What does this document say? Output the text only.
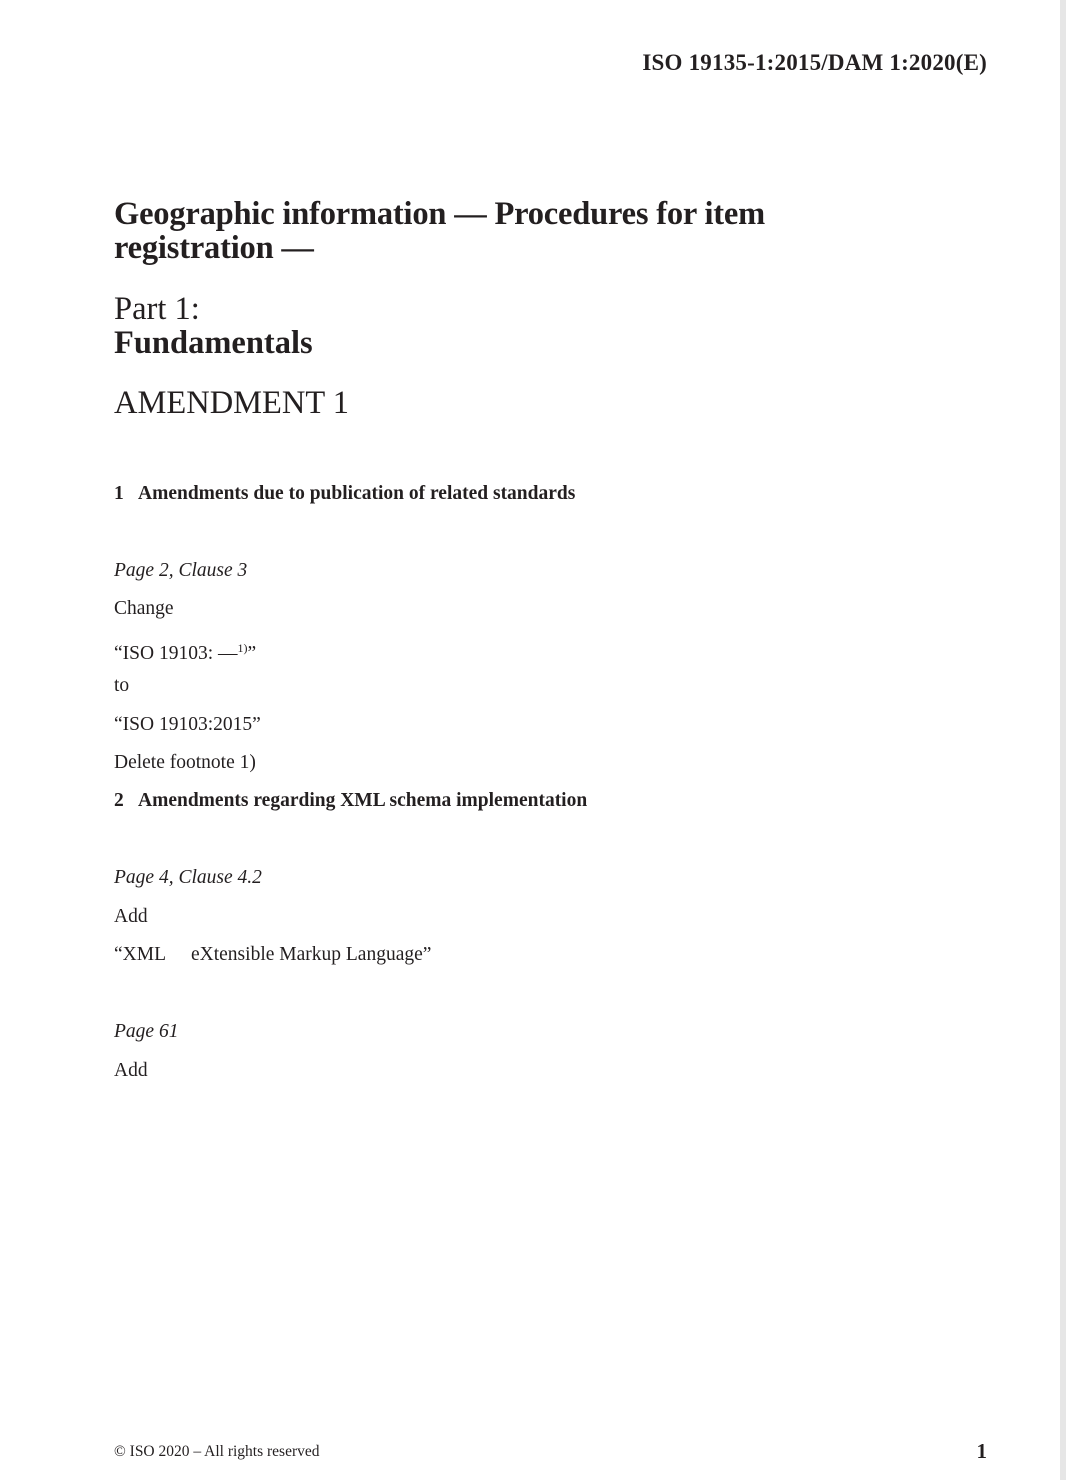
ISO 19135-1:2015/DAM 1:2020(E)
Geographic information — Procedures for item
registration —
Part 1:
Fundamentals
AMENDMENT 1
1 Amendments due to publication of related standards
Page 2, Clause 3
Change
“ISO 19103: —$^{1)}$”
to
“ISO 19103:2015”
Delete footnote 1)
2 Amendments regarding XML schema implementation
Page 4, Clause 4.2
Add
“XML eXtensible Markup Language”
Page 61
Add
© ISO 2020 – All rights reserved	1
